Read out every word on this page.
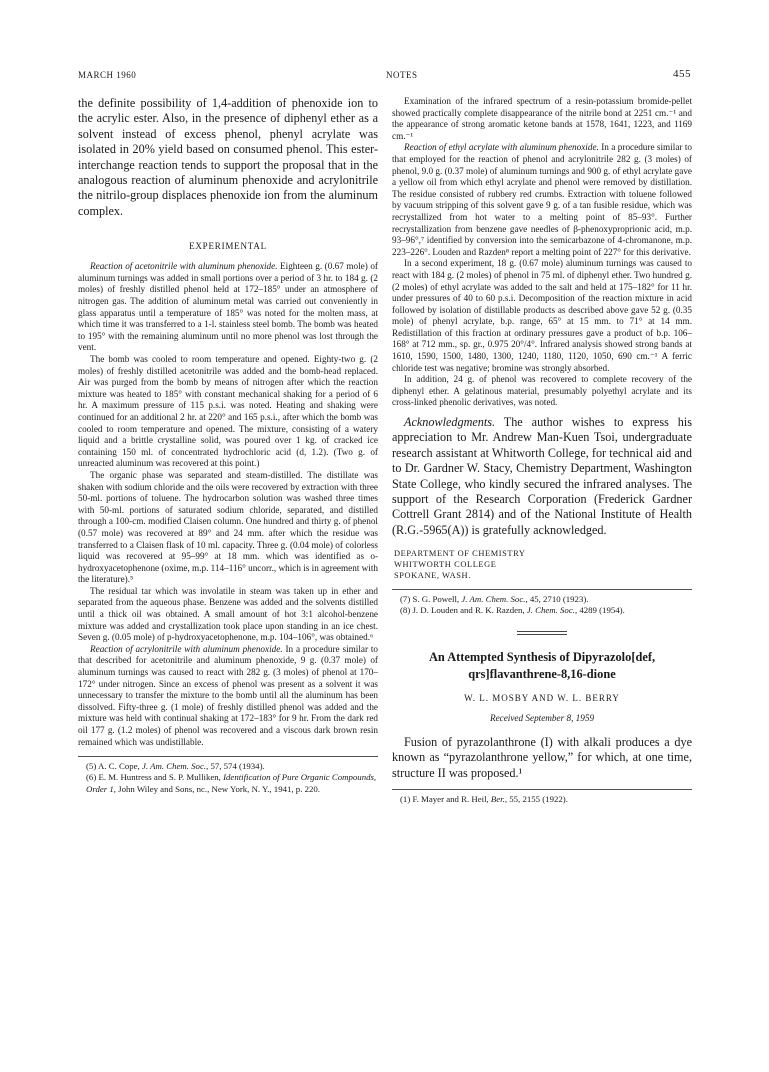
MARCH 1960	NOTES	455

the definite possibility of 1,4-addition of phenoxide ion to the acrylic ester. Also, in the presence of diphenyl ether as a solvent instead of excess phenol, phenyl acrylate was isolated in 20% yield based on consumed phenol. This ester-interchange reaction tends to support the proposal that in the analogous reaction of aluminum phenoxide and acrylonitrile the nitrilo-group displaces phenoxide ion from the aluminum complex.

EXPERIMENTAL

Reaction of acetonitrile with aluminum phenoxide. Eighteen g. (0.67 mole) of aluminum turnings was added in small portions over a period of 3 hr. to 184 g. (2 moles) of freshly distilled phenol held at 172–185° under an atmosphere of nitrogen gas. The addition of aluminum metal was carried out conveniently in glass apparatus until a temperature of 185° was noted for the molten mass, at which time it was transferred to a 1-l. stainless steel bomb. The bomb was heated to 195° with the remaining aluminum until no more phenol was lost through the vent.

The bomb was cooled to room temperature and opened. Eighty-two g. (2 moles) of freshly distilled acetonitrile was added and the bomb-head replaced. Air was purged from the bomb by means of nitrogen after which the reaction mixture was heated to 185° with constant mechanical shaking for a period of 6 hr. A maximum pressure of 115 p.s.i. was noted. Heating and shaking were continued for an additional 2 hr. at 220° and 165 p.s.i., after which the bomb was cooled to room temperature and opened. The mixture, consisting of a watery liquid and a brittle crystalline solid, was poured over 1 kg. of cracked ice containing 150 ml. of concentrated hydrochloric acid (d, 1.2). (Two g. of unreacted aluminum was recovered at this point.)

The organic phase was separated and steam-distilled. The distillate was shaken with sodium chloride and the oils were recovered by extraction with three 50-ml. portions of toluene. The hydrocarbon solution was washed three times with 50-ml. portions of saturated sodium chloride, separated, and distilled through a 100-cm. modified Claisen column. One hundred and thirty g. of phenol (0.57 mole) was recovered at 89° and 24 mm. after which the residue was transferred to a Claisen flask of 10 ml. capacity. Three g. (0.04 mole) of colorless liquid was recovered at 95–99° at 18 mm. which was identified as o-hydroxyacetophenone (oxime, m.p. 114–116° uncorr., which is in agreement with the literature).⁵

The residual tar which was involatile in steam was taken up in ether and separated from the aqueous phase. Benzene was added and the solvents distilled until a thick oil was obtained. A small amount of hot 3:1 alcohol-benzene mixture was added and crystallization took place upon standing in an ice chest. Seven g. (0.05 mole) of p-hydroxyacetophenone, m.p. 104–106°, was obtained.⁶

Reaction of acrylonitrile with aluminum phenoxide. In a procedure similar to that described for acetonitrile and aluminum phenoxide, 9 g. (0.37 mole) of aluminum turnings was caused to react with 282 g. (3 moles) of phenol at 170–172° under nitrogen. Since an excess of phenol was present as a solvent it was unnecessary to transfer the mixture to the bomb until all the aluminum has been dissolved. Fifty-three g. (1 mole) of freshly distilled phenol was added and the mixture was held with continual shaking at 172–183° for 9 hr. From the dark red oil 177 g. (1.2 moles) of phenol was recovered and a viscous dark brown resin remained which was undistillable.

(5) A. C. Cope, J. Am. Chem. Soc., 57, 574 (1934).

(6) E. M. Huntress and S. P. Mulliken, Identification of Pure Organic Compounds, Order 1, John Wiley and Sons, nc., New York, N. Y., 1941, p. 220.

Examination of the infrared spectrum of a resin-potassium bromide-pellet showed practically complete disappearance of the nitrile bond at 2251 cm.⁻¹ and the appearance of strong aromatic ketone bands at 1578, 1641, 1223, and 1169 cm.⁻¹

Reaction of ethyl acrylate with aluminum phenoxide. In a procedure similar to that employed for the reaction of phenol and acrylonitrile 282 g. (3 moles) of phenol, 9.0 g. (0.37 mole) of aluminum turnings and 900 g. of ethyl acrylate gave a yellow oil from which ethyl acrylate and phenol were removed by distillation. The residue consisted of rubbery red crumbs. Extraction with toluene followed by vacuum stripping of this solvent gave 9 g. of a tan fusible residue, which was recrystallized from hot water to a melting point of 85–93°. Further recrystallization from benzene gave needles of β-phenoxyproprionic acid, m.p. 93–96°,⁷ identified by conversion into the semicarbazone of 4-chromanone, m.p. 223–226°. Louden and Razden⁸ report a melting point of 227° for this derivative.

In a second experiment, 18 g. (0.67 mole) aluminum turnings was caused to react with 184 g. (2 moles) of phenol in 75 ml. of diphenyl ether. Two hundred g. (2 moles) of ethyl acrylate was added to the salt and held at 175–182° for 11 hr. under pressures of 40 to 60 p.s.i. Decomposition of the reaction mixture in acid followed by isolation of distillable products as described above gave 52 g. (0.35 mole) of phenyl acrylate, b.p. range, 65° at 15 mm. to 71° at 14 mm. Redistillation of this fraction at ordinary pressures gave a product of b.p. 106–168° at 712 mm., sp. gr., 0.975 20°/4°. Infrared analysis showed strong bands at 1610, 1590, 1500, 1480, 1300, 1240, 1180, 1120, 1050, 690 cm.⁻¹ A ferric chloride test was negative; bromine was strongly absorbed.

In addition, 24 g. of phenol was recovered to complete recovery of the diphenyl ether. A gelatinous material, presumably polyethyl acrylate and its cross-linked phenolic derivatives, was noted.

Acknowledgments. The author wishes to express his appreciation to Mr. Andrew Man-Kuen Tsoi, undergraduate research assistant at Whitworth College, for technical aid and to Dr. Gardner W. Stacy, Chemistry Department, Washington State College, who kindly secured the infrared analyses. The support of the Research Corporation (Frederick Gardner Cottrell Grant 2814) and of the National Institute of Health (R.G.-5965(A)) is gratefully acknowledged.

DEPARTMENT OF CHEMISTRY
WHITWORTH COLLEGE
SPOKANE, WASH.

(7) S. G. Powell, J. Am. Chem. Soc., 45, 2710 (1923).

(8) J. D. Louden and R. K. Razden, J. Chem. Soc., 4289 (1954).

An Attempted Synthesis of Dipyrazolo[def,
qrs]flavanthrene-8,16-dione
W. L. MOSBY AND W. L. BERRY
Received September 8, 1959

Fusion of pyrazolanthrone (I) with alkali produces a dye known as “pyrazolanthrone yellow,” for which, at one time, structure II was proposed.¹

(1) F. Mayer and R. Heil, Ber., 55, 2155 (1922).
